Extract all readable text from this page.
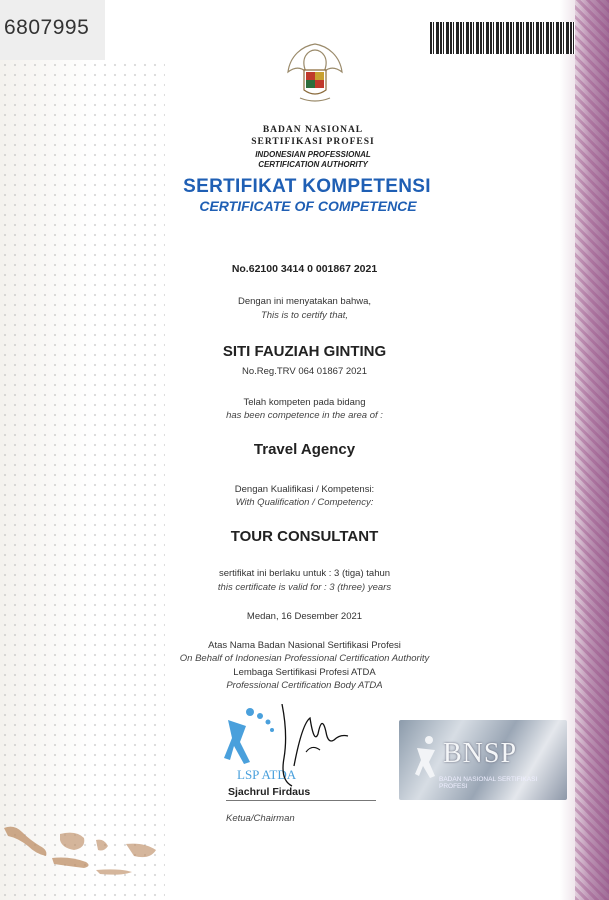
6807995
BADAN NASIONAL
SERTIFIKASI PROFESI
INDONESIAN PROFESSIONAL
CERTIFICATION AUTHORITY
SERTIFIKAT KOMPETENSI
CERTIFICATE OF COMPETENCE
No.62100 3414 0 001867 2021
Dengan ini menyatakan bahwa,
This is to certify that,
SITI FAUZIAH GINTING
No.Reg.TRV 064 01867 2021
Telah kompeten pada bidang
has been competence in the area of :
Travel Agency
Dengan Kualifikasi / Kompetensi:
With Qualification / Competency:
TOUR CONSULTANT
sertifikat ini berlaku untuk : 3 (tiga) tahun
this certificate is valid for : 3 (three) years
Medan, 16 Desember 2021
Atas Nama Badan Nasional Sertifikasi Profesi
On Behalf of Indonesian Professional Certification Authority
Lembaga Sertifikasi Profesi ATDA
Professional Certification Body ATDA
LSP ATDA
Sjachrul Firdaus
Ketua/Chairman
BNSP
BADAN NASIONAL SERTIFIKASI PROFESI
